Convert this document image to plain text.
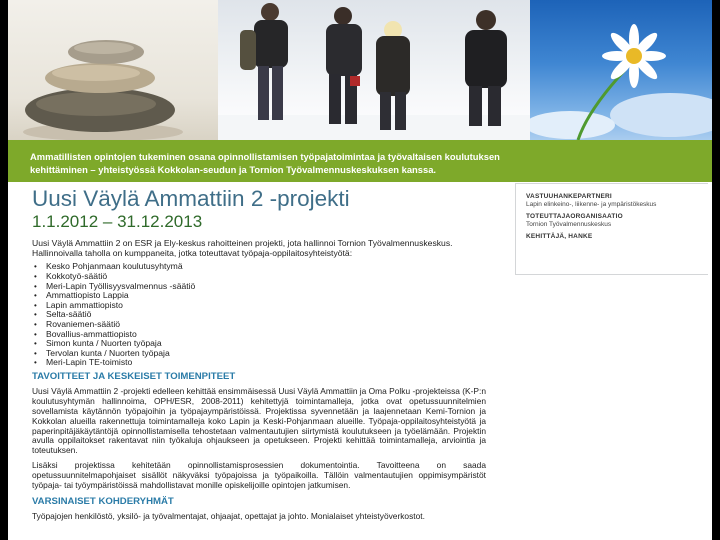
Ammatillisten opintojen tukeminen osana opinnollistamisen työpajatoimintaa ja työvaltaisen koulutuksen kehittäminen – yhteistyössä Kokkolan-seudun ja Tornion Työvalmennuskeskuksen kanssa.

Uusi Väylä Ammattiin 2 -projekti
1.1.2012 – 31.12.2013

Uusi Väylä Ammattiin 2 on ESR ja Ely-keskus rahoitteinen projekti, jota hallinnoi Tornion Työvalmennuskeskus. Hallinnoivalla taholla on kumppaneita, jotka toteuttavat työpaja-oppilaitosyhteistyötä:

• Kesko Pohjanmaan koulutusyhtymä
• Kokkotyö-säätiö
• Meri-Lapin Työllisyysvalmennus -säätiö
• Ammattiopisto Lappia
• Lapin ammattiopisto
• Selta-säätiö
• Rovaniemen-säätiö
• Bovallius-ammattiopisto
• Simon kunta / Nuorten työpaja
• Tervolan kunta / Nuorten työpaja
• Meri-Lapin TE-toimisto
TAVOITTEET JA KESKEISET TOIMENPITEET

Uusi Väylä Ammattiin 2 -projekti edelleen kehittää ensimmäisessä Uusi Väylä Ammattiin ja Oma Polku -projekteissa (K-P:n koulutusyhtymän hallinnoima, OPH/ESR, 2008-2011) kehitettyjä toimintamalleja, jotka ovat opetussuunnitelmien sovellamista käytännön työpajoihin ja työpajaympäristöissä. Projektissa syvennetään ja laajennetaan Kemi-Tornion ja Kokkolan alueilla rakennettuja toimintamalleja koko Lapin ja Keski-Pohjanmaan alueille. Työpaja-oppilaitosyhteistyötä ja paperinpitäjäkäytäntöjä opinnollistamisella tehostetaan valmentautujien siirtymistä koulutukseen ja työelämään. Projektin avulla oppilaitokset rakentavat niin työkaluja ohjaukseen ja opetukseen. Projekti kehittää toimintamalleja, arviointia ja toteutuksen.

Lisäksi projektissa kehitetään opinnollistamisprosessien dokumentointia. Tavoitteena on saada opetussuunnitelmapohjaiset sisällöt näkyväksi työpajoissa ja työpaikoilla. Tällöin valmentautujien oppimisympäristöt työpaja- tai työympäristöissä mahdollistavat monille opiskelijoille opintojen jatkumisen.

VARSINAISET KOHDERYHMÄT

Työpajojen henkilöstö, yksilö- ja työvalmentajat, ohjaajat, opettajat ja johto. Monialaiset yhteistyöverkostot.

VASTUUHANKEPARTNERI

Lapin elinkeino-, liikenne- ja ympäristökeskus

TOTEUTTAJAORGANISAATIO

Tornion Työvalmennuskeskus

KEHITTÄJÄ, HANKE
